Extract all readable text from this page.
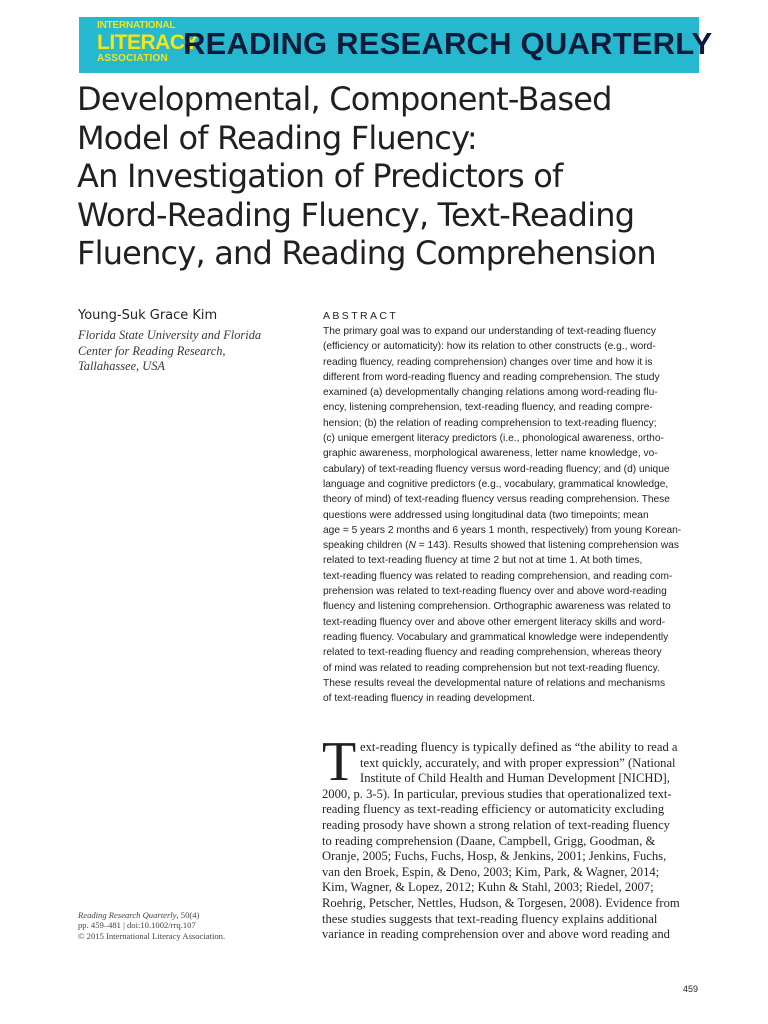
INTERNATIONAL
LITERACY
ASSOCIATION READING RESEARCH QUARTERLY
Developmental, Component-Based
Model of Reading Fluency:
An Investigation of Predictors of
Word-Reading Fluency, Text-Reading
Fluency, and Reading Comprehension
Young-Suk Grace Kim
Florida State University and Florida
Center for Reading Research,
Tallahassee, USA
ABSTRACT
The primary goal was to expand our understanding of text-reading fluency
(efficiency or automaticity): how its relation to other constructs (e.g., word-
reading fluency, reading comprehension) changes over time and how it is
different from word-reading fluency and reading comprehension. The study
examined (a) developmentally changing relations among word-reading flu-
ency, listening comprehension, text-reading fluency, and reading compre-
hension; (b) the relation of reading comprehension to text-reading fluency;
(c) unique emergent literacy predictors (i.e., phonological awareness, ortho-
graphic awareness, morphological awareness, letter name knowledge, vo-
cabulary) of text-reading fluency versus word-reading fluency; and (d) unique
language and cognitive predictors (e.g., vocabulary, grammatical knowledge,
theory of mind) of text-reading fluency versus reading comprehension. These
questions were addressed using longitudinal data (two timepoints; mean
age = 5 years 2 months and 6 years 1 month, respectively) from young Korean-
speaking children (N = 143). Results showed that listening comprehension was
related to text-reading fluency at time 2 but not at time 1. At both times,
text-reading fluency was related to reading comprehension, and reading com-
prehension was related to text-reading fluency over and above word-reading
fluency and listening comprehension. Orthographic awareness was related to
text-reading fluency over and above other emergent literacy skills and word-
reading fluency. Vocabulary and grammatical knowledge were independently
related to text-reading fluency and reading comprehension, whereas theory
of mind was related to reading comprehension but not text-reading fluency.
These results reveal the developmental nature of relations and mechanisms
of text-reading fluency in reading development.
T ext-reading fluency is typically defined as “the ability to read a
text quickly, accurately, and with proper expression” (National
Institute of Child Health and Human Development [NICHD],
2000, p. 3-5). In particular, previous studies that operationalized text-
reading fluency as text-reading efficiency or automaticity excluding
reading prosody have shown a strong relation of text-reading fluency
to reading comprehension (Daane, Campbell, Grigg, Goodman, &
Oranje, 2005; Fuchs, Fuchs, Hosp, & Jenkins, 2001; Jenkins, Fuchs,
van den Broek, Espin, & Deno, 2003; Kim, Park, & Wagner, 2014;
Kim, Wagner, & Lopez, 2012; Kuhn & Stahl, 2003; Riedel, 2007;
Roehrig, Petscher, Nettles, Hudson, & Torgesen, 2008). Evidence from
these studies suggests that text-reading fluency explains additional
variance in reading comprehension over and above word reading and
Reading Research Quarterly, 50(4)
pp. 459–481 | doi:10.1002/rrq.107
© 2015 International Literacy Association.
459
